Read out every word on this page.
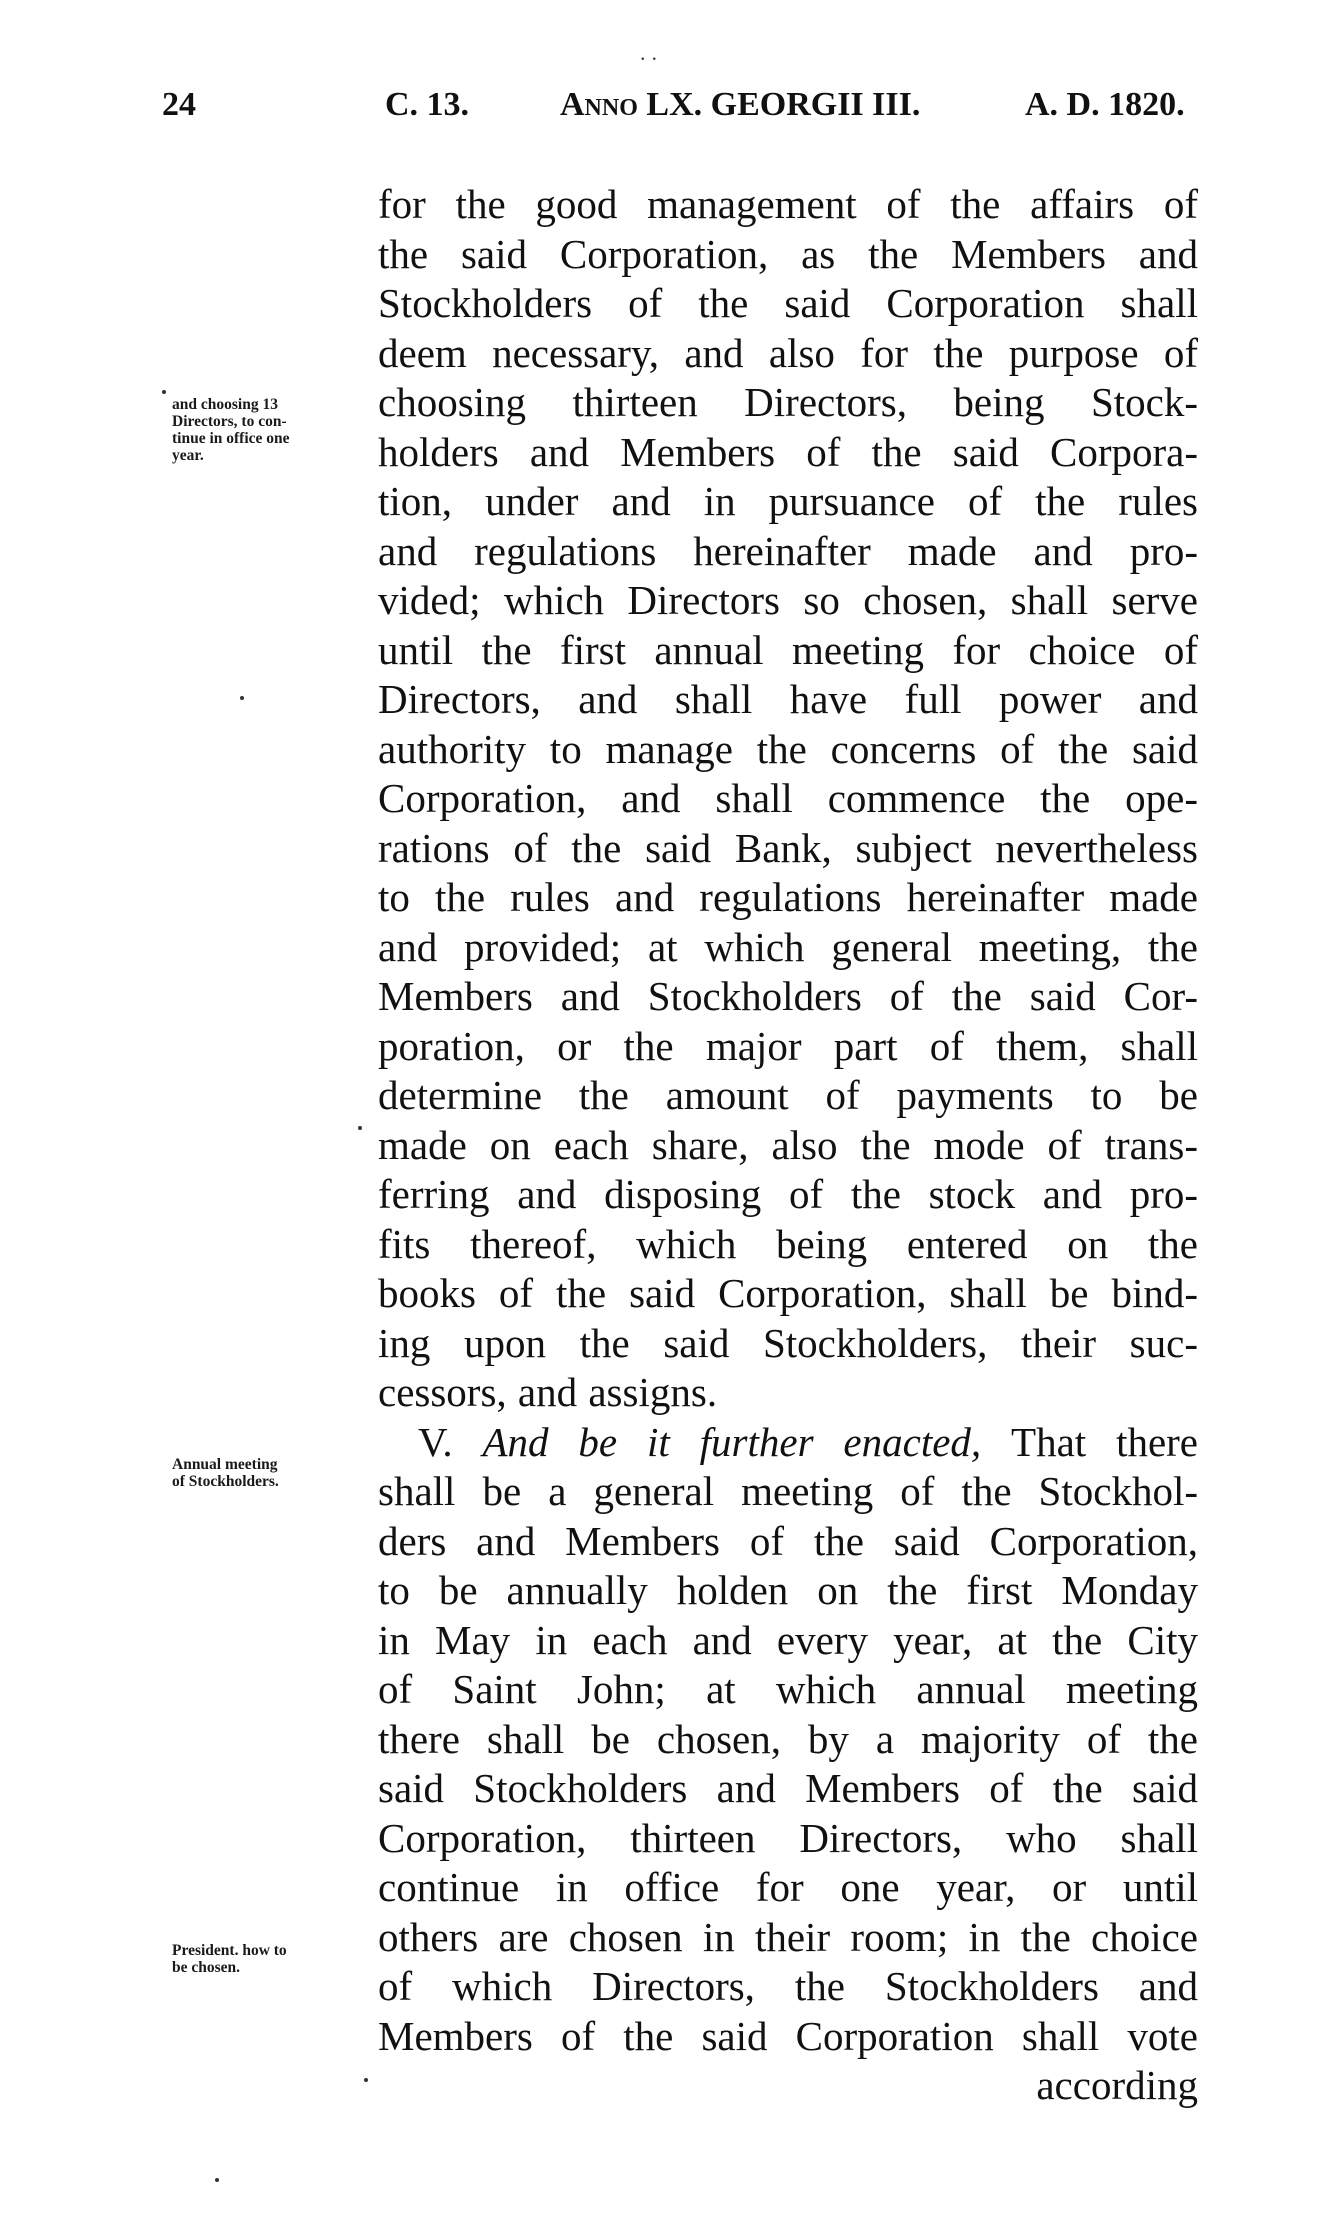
..
24	C. 13.	Anno LX. GEORGII III.	A. D. 1820.
and choosing 13
Directors, to con-
tinue in office one
year.
Annual meeting
of Stockholders.
President. how to
be chosen.
for the good management of the affairs of
the said Corporation, as the Members and
Stockholders of the said Corporation shall
deem necessary, and also for the purpose of
choosing thirteen Directors, being Stock-
holders and Members of the said Corpora-
tion, under and in pursuance of the rules
and regulations hereinafter made and pro-
vided; which Directors so chosen, shall serve
until the first annual meeting for choice of
Directors, and shall have full power and
authority to manage the concerns of the said
Corporation, and shall commence the ope-
rations of the said Bank, subject nevertheless
to the rules and regulations hereinafter made
and provided; at which general meeting, the
Members and Stockholders of the said Cor-
poration, or the major part of them, shall
determine the amount of payments to be
made on each share, also the mode of trans-
ferring and disposing of the stock and pro-
fits thereof, which being entered on the
books of the said Corporation, shall be bind-
ing upon the said Stockholders, their suc-
cessors, and assigns.
V. And be it further enacted, That there
shall be a general meeting of the Stockhol-
ders and Members of the said Corporation,
to be annually holden on the first Monday
in May in each and every year, at the City
of Saint John; at which annual meeting
there shall be chosen, by a majority of the
said Stockholders and Members of the said
Corporation, thirteen Directors, who shall
continue in office for one year, or until
others are chosen in their room; in the choice
of which Directors, the Stockholders and
Members of the said Corporation shall vote
according
